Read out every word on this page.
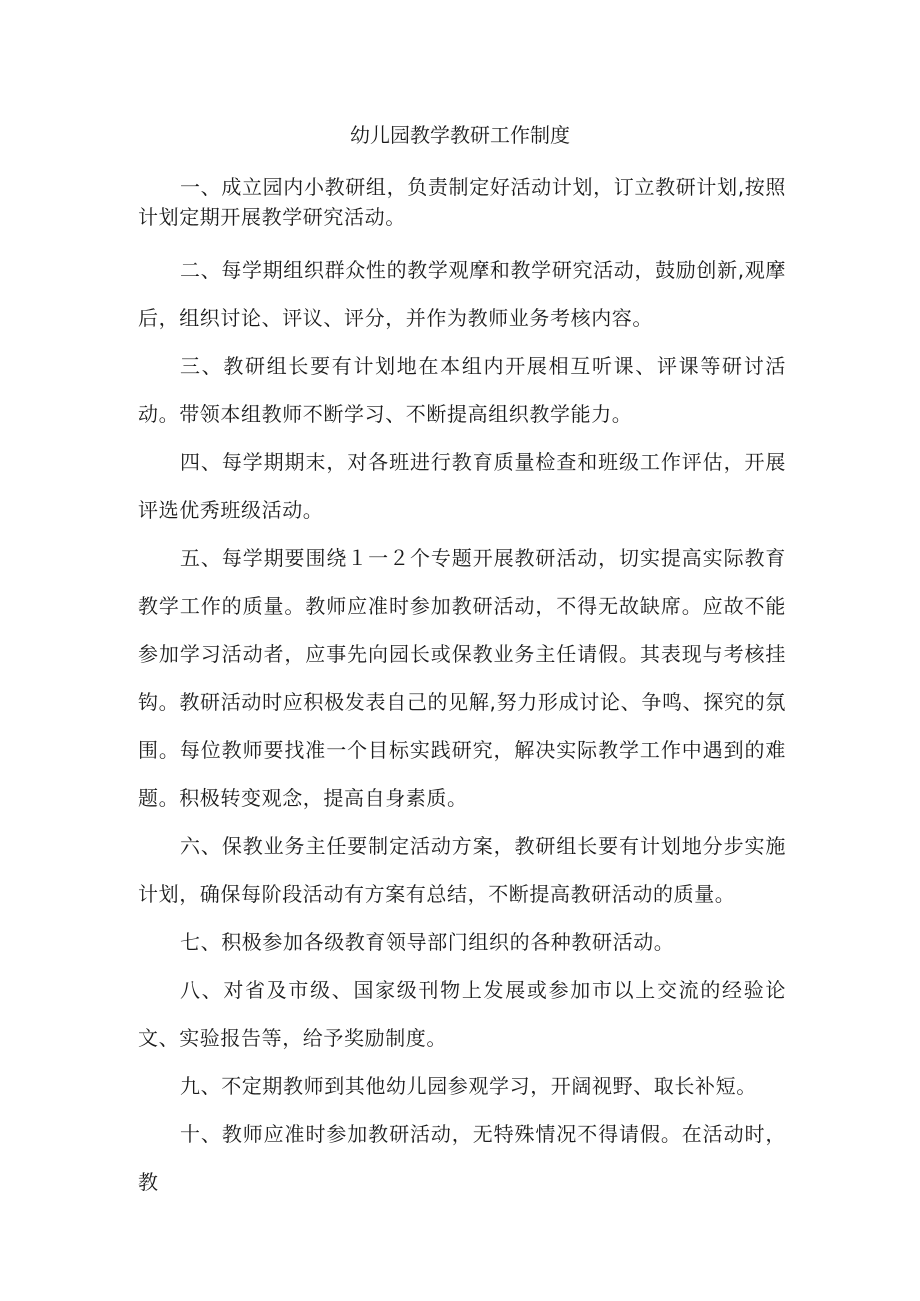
幼儿园教学教研工作制度

一、成立园内小教研组，负责制定好活动计划，订立教研计划,按照计划定期开展教学研究活动。

二、每学期组织群众性的教学观摩和教学研究活动，鼓励创新,观摩后，组织讨论、评议、评分，并作为教师业务考核内容。

三、教研组长要有计划地在本组内开展相互听课、评课等研讨活动。带领本组教师不断学习、不断提高组织教学能力。

四、每学期期末，对各班进行教育质量检查和班级工作评估，开展评选优秀班级活动。

五、每学期要围绕１一２个专题开展教研活动，切实提高实际教育教学工作的质量。教师应准时参加教研活动，不得无故缺席。应故不能参加学习活动者，应事先向园长或保教业务主任请假。其表现与考核挂钩。教研活动时应积极发表自己的见解,努力形成讨论、争鸣、探究的氛围。每位教师要找准一个目标实践研究，解决实际教学工作中遇到的难题。积极转变观念，提高自身素质。

六、保教业务主任要制定活动方案，教研组长要有计划地分步实施计划，确保每阶段活动有方案有总结，不断提高教研活动的质量。

七、积极参加各级教育领导部门组织的各种教研活动。

八、对省及市级、国家级刊物上发展或参加市以上交流的经验论文、实验报告等，给予奖励制度。

九、不定期教师到其他幼儿园参观学习，开阔视野、取长补短。

十、教师应准时参加教研活动，无特殊情况不得请假。在活动时，教
